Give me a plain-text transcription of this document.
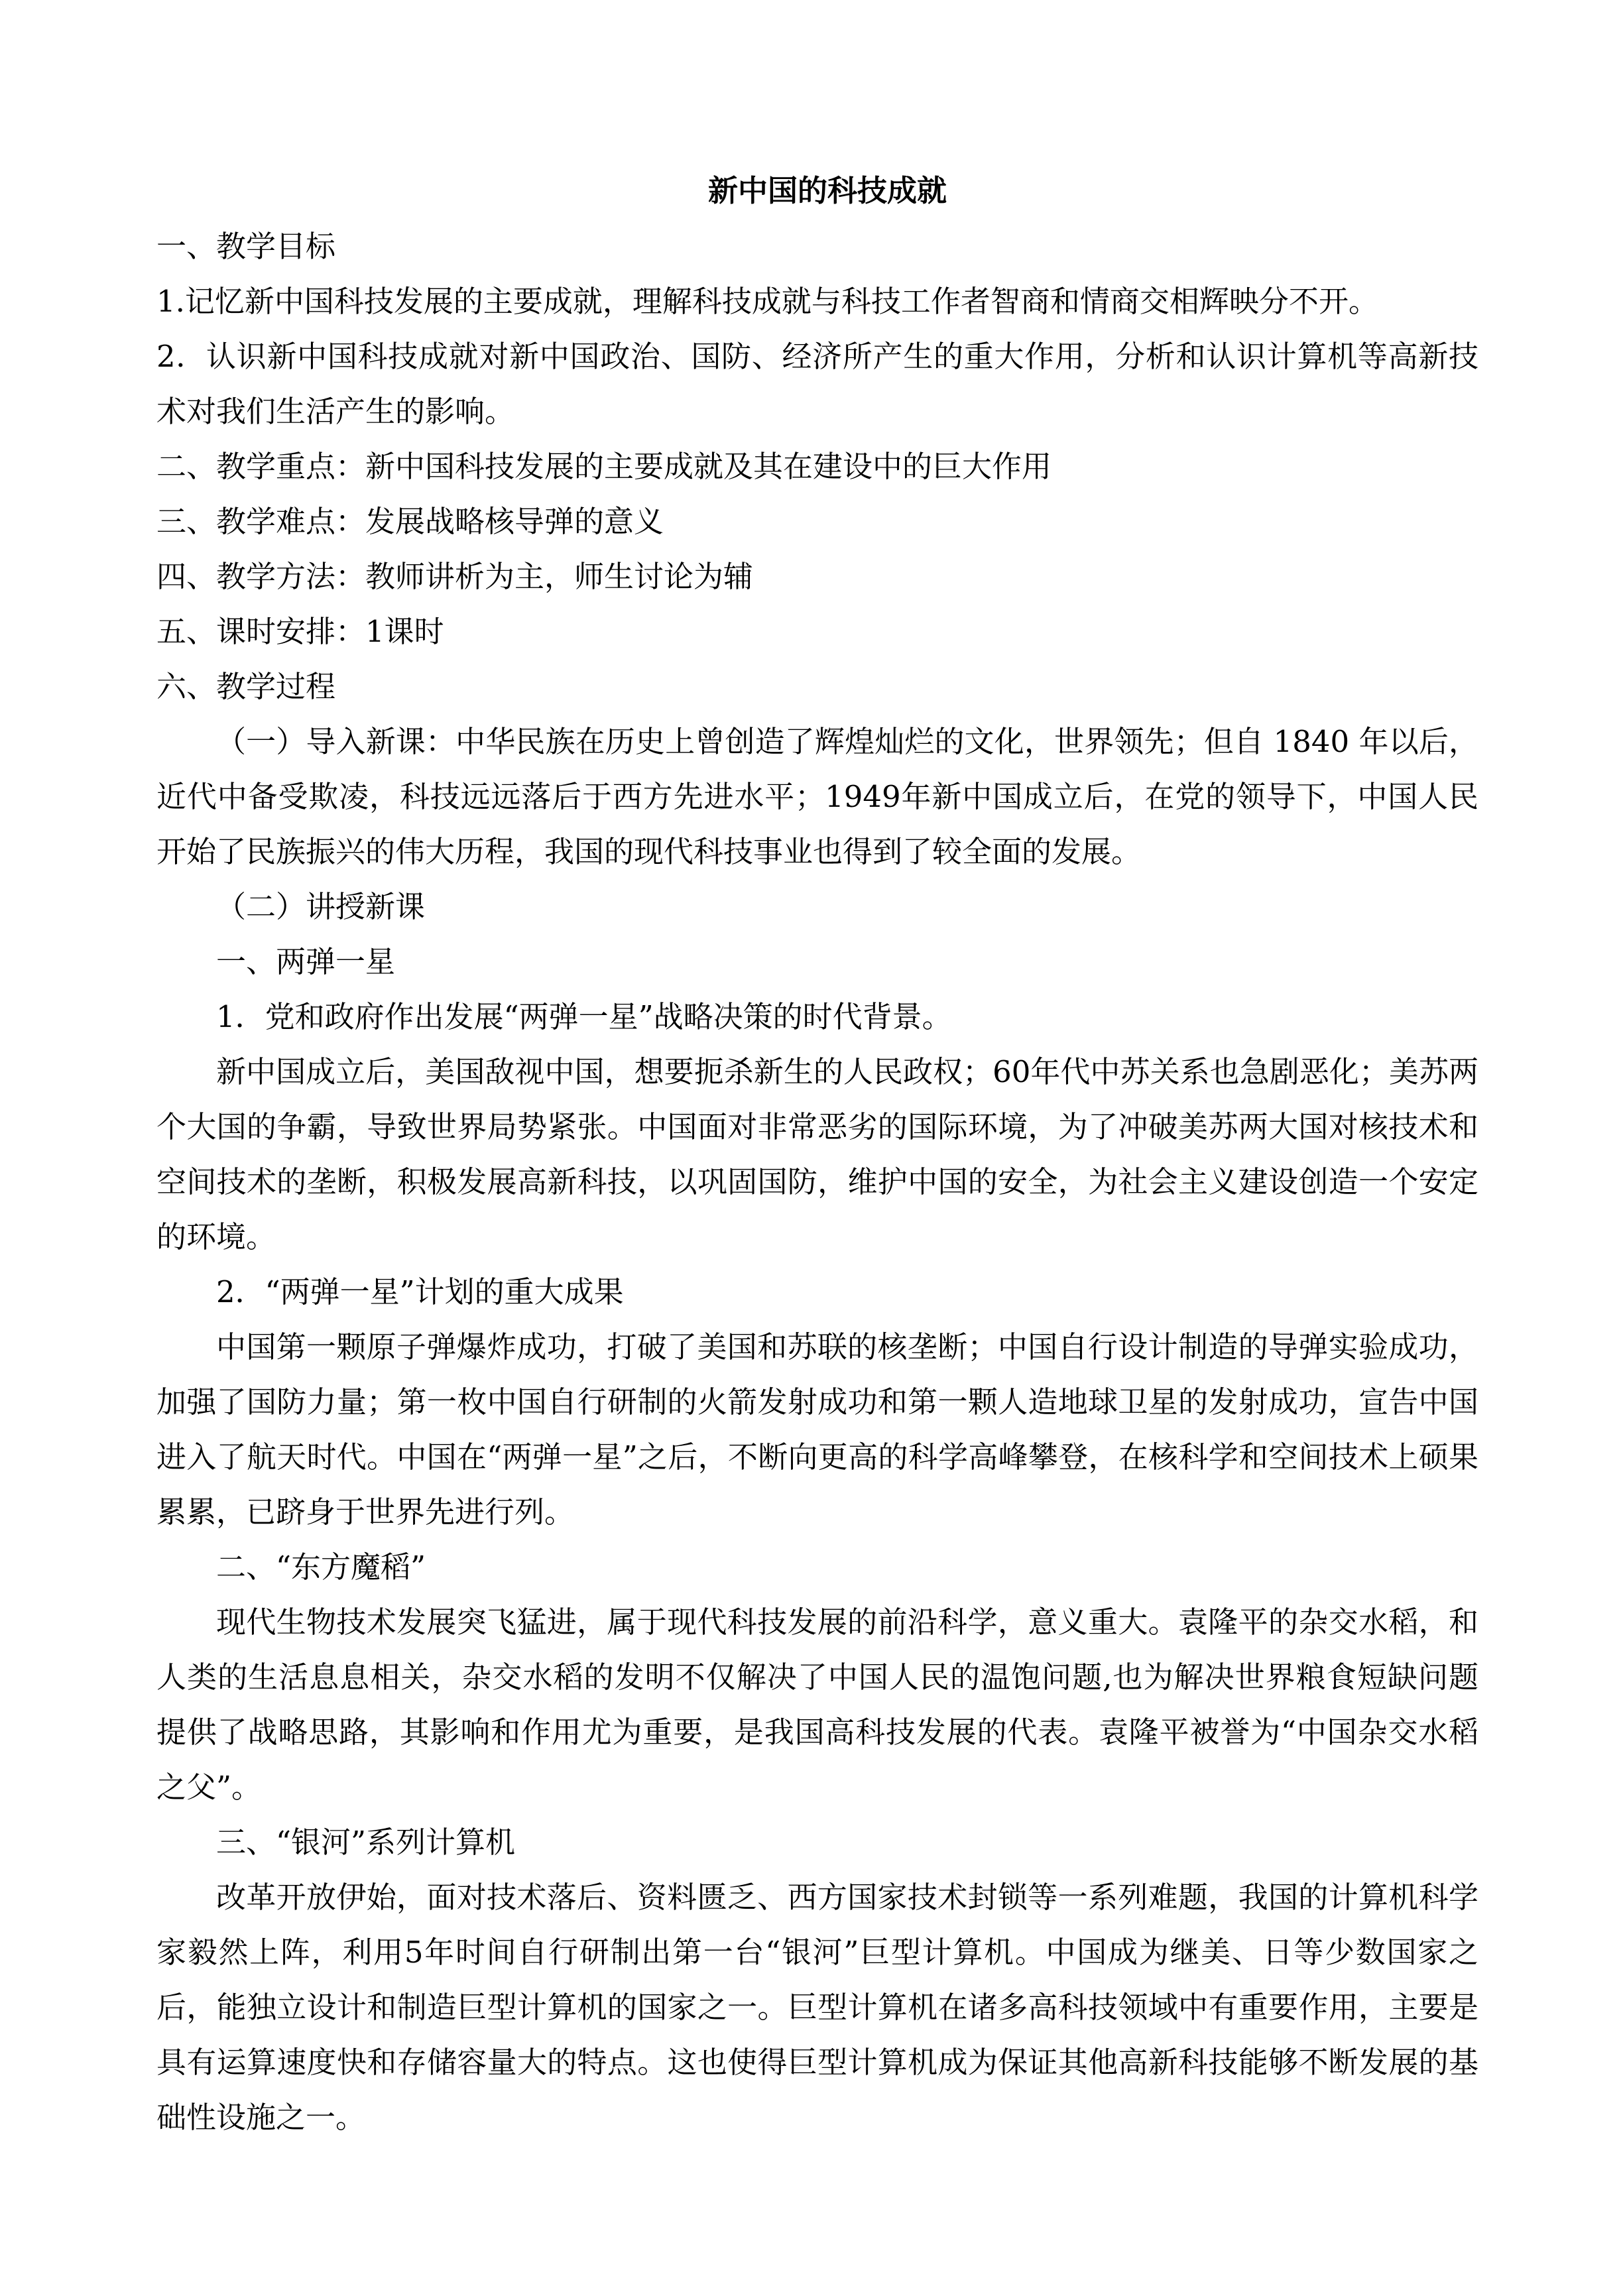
新中国的科技成就

一、教学目标

1.记忆新中国科技发展的主要成就，理解科技成就与科技工作者智商和情商交相辉映分不开。

2．认识新中国科技成就对新中国政治、国防、经济所产生的重大作用，分析和认识计算机等高新技术对我们生活产生的影响。

二、教学重点：新中国科技发展的主要成就及其在建设中的巨大作用

三、教学难点：发展战略核导弹的意义

四、教学方法：教师讲析为主，师生讨论为辅

五、课时安排：1课时

六、教学过程

（一）导入新课：中华民族在历史上曾创造了辉煌灿烂的文化，世界领先；但自 1840 年以后，近代中备受欺凌，科技远远落后于西方先进水平；1949年新中国成立后，在党的领导下，中国人民开始了民族振兴的伟大历程，我国的现代科技事业也得到了较全面的发展。

（二）讲授新课

一、两弹一星

1．党和政府作出发展“两弹一星”战略决策的时代背景。

新中国成立后，美国敌视中国，想要扼杀新生的人民政权；60年代中苏关系也急剧恶化；美苏两个大国的争霸，导致世界局势紧张。中国面对非常恶劣的国际环境，为了冲破美苏两大国对核技术和空间技术的垄断，积极发展高新科技，以巩固国防，维护中国的安全，为社会主义建设创造一个安定的环境。

2．“两弹一星”计划的重大成果

中国第一颗原子弹爆炸成功，打破了美国和苏联的核垄断；中国自行设计制造的导弹实验成功，加强了国防力量；第一枚中国自行研制的火箭发射成功和第一颗人造地球卫星的发射成功，宣告中国进入了航天时代。中国在“两弹一星”之后，不断向更高的科学高峰攀登，在核科学和空间技术上硕果累累，已跻身于世界先进行列。

二、“东方魔稻”

现代生物技术发展突飞猛进，属于现代科技发展的前沿科学，意义重大。袁隆平的杂交水稻，和人类的生活息息相关，杂交水稻的发明不仅解决了中国人民的温饱问题,也为解决世界粮食短缺问题提供了战略思路，其影响和作用尤为重要，是我国高科技发展的代表。袁隆平被誉为“中国杂交水稻之父”。

三、“银河”系列计算机

改革开放伊始，面对技术落后、资料匮乏、西方国家技术封锁等一系列难题，我国的计算机科学家毅然上阵，利用5年时间自行研制出第一台“银河”巨型计算机。中国成为继美、日等少数国家之后，能独立设计和制造巨型计算机的国家之一。巨型计算机在诸多高科技领域中有重要作用，主要是具有运算速度快和存储容量大的特点。这也使得巨型计算机成为保证其他高新科技能够不断发展的基础性设施之一。
